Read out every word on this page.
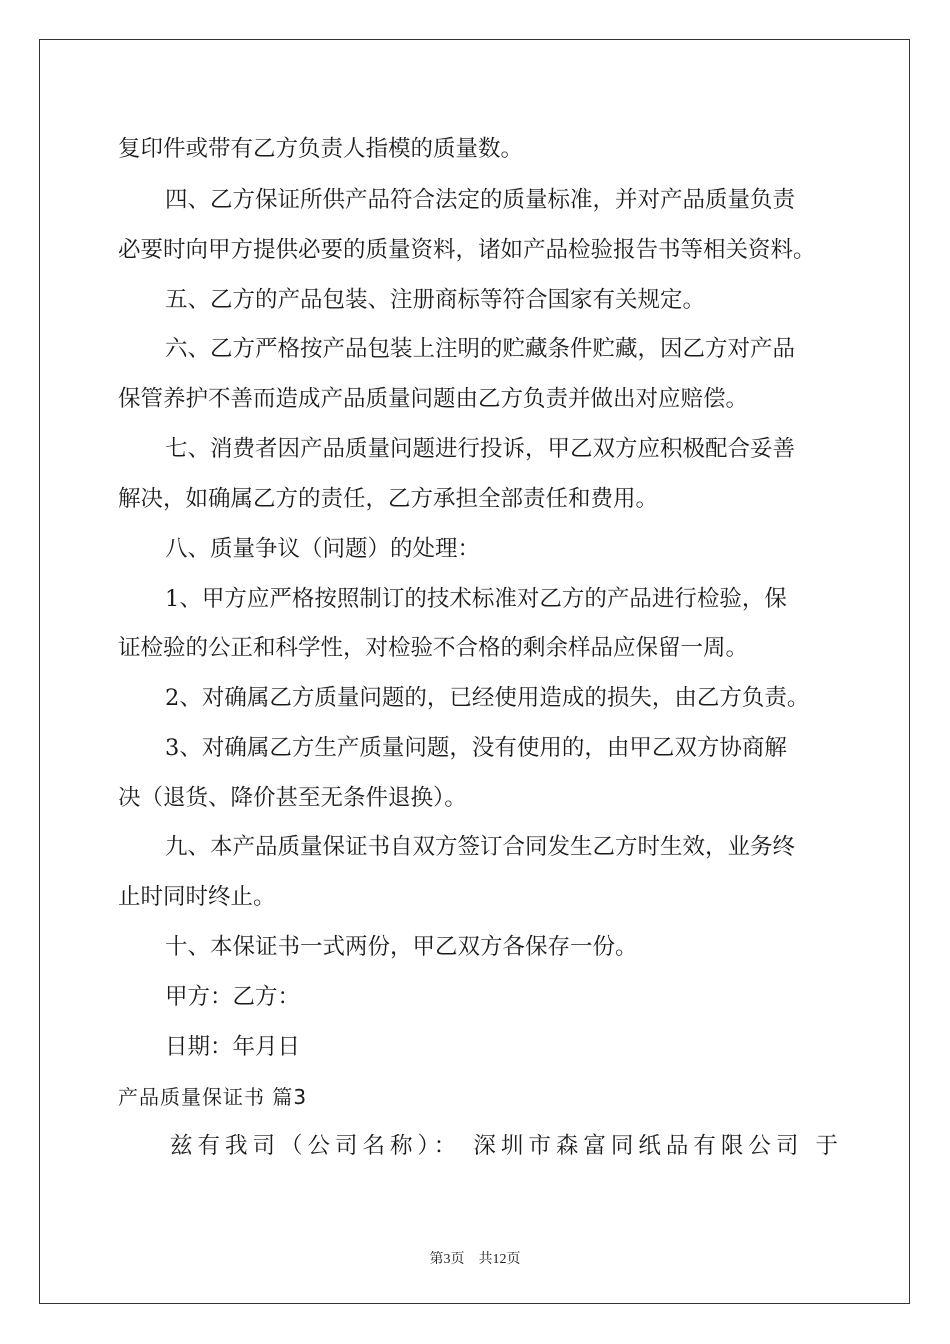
复印件或带有乙方负责人指模的质量数。
四、乙方保证所供产品符合法定的质量标准，并对产品质量负责
必要时向甲方提供必要的质量资料，诸如产品检验报告书等相关资料。
五、乙方的产品包装、注册商标等符合国家有关规定。
六、乙方严格按产品包装上注明的贮藏条件贮藏，因乙方对产品
保管养护不善而造成产品质量问题由乙方负责并做出对应赔偿。
七、消费者因产品质量问题进行投诉，甲乙双方应积极配合妥善
解决，如确属乙方的责任，乙方承担全部责任和费用。
八、质量争议（问题）的处理：
1、甲方应严格按照制订的技术标准对乙方的产品进行检验，保
证检验的公正和科学性，对检验不合格的剩余样品应保留一周。
2、对确属乙方质量问题的，已经使用造成的损失，由乙方负责。
3、对确属乙方生产质量问题，没有使用的，由甲乙双方协商解
决（退货、降价甚至无条件退换）。
九、本产品质量保证书自双方签订合同发生乙方时生效，业务终
止时同时终止。
十、本保证书一式两份，甲乙双方各保存一份。
甲方：乙方：
日期：年月日
产品质量保证书 篇3
兹有我司（公司名称）： 深圳市森富同纸品有限公司 于
第3页　共12页
